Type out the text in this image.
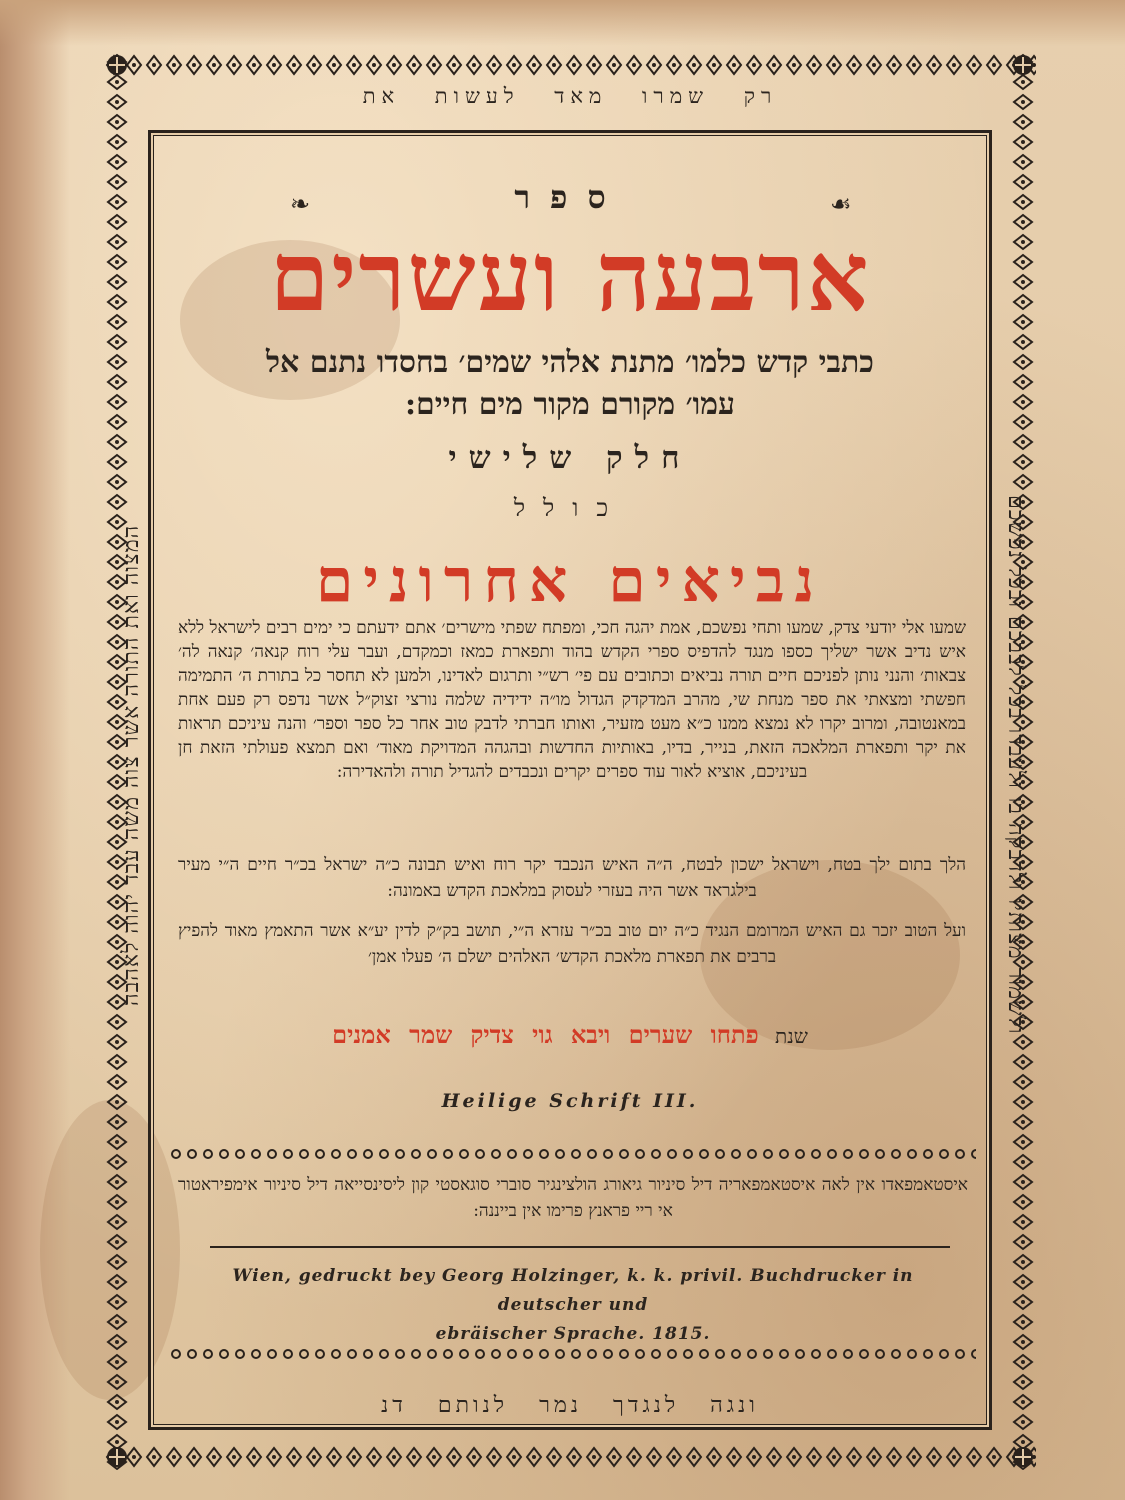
רק שמרו מאד לעשות את
המצוה ואת התורה אשר צוה משה עבד יהוה לאהבה	ולשמור מצותיו ולדבקה בו ולעבדו בכל לבבכם ובכל נפשכם
❧	☙
ספר
ארבעה ועשרים
כתבי קדש כלמו׳ מתנת אלהי שמים׳ בחסדו נתנם אל
עמו׳ מקורם מקור מים חיים:
חלק שלישי
כולל
נביאים אחרונים
שמעו אלי יודעי צדק, שמעו ותחי נפשכם, אמת יהגה חכי, ומפתח שפתי מישרים׳ אתם ידעתם כי ימים רבים לישראל ללא איש נדיב אשר ישליך כספו מנגד להדפיס ספרי הקדש בהוד ותפארת כמאז וכמקדם, ועבר עלי רוח קנאה׳ קנאה לה׳ צבאות׳ והנני נותן לפניכם חיים תורה נביאים וכתובים עם פי׳ רש״י ותרגום לאדינו, ולמען לא תחסר כל בתורת ה׳ התמימה חפשתי ומצאתי את ספר מנחת שי, מהרב המדקדק הגדול מו״ה ידידיה שלמה נורצי זצוק״ל אשר נדפס רק פעם אחת במאנטובה, ומרוב יקרו לא נמצא ממנו כ״א מעט מזעיר, ואותו חברתי לדבק טוב אחר כל ספר וספר׳ והנה עיניכם תראות את יקר ותפארת המלאכה הזאת, בנייר, בדיו, באותיות החדשות ובהגהה המדויקת מאוד׳ ואם תמצא פעולתי הזאת חן בעיניכם, אוציא לאור עוד ספרים יקרים ונכבדים להגדיל תורה ולהאדירה:
הלך בתום ילך בטח, וישראל ישכון לבטח, ה״ה האיש הנכבד יקר רוח ואיש תבונה כ״ה ישראל בכ״ר חיים ה״י מעיר בילגראד אשר היה בעזרי לעסוק במלאכת הקדש באמונה:
ועל הטוב יזכר גם האיש המרומם הנגיד כ״ה יום טוב בכ״ר עזרא ה״י, תושב בק״ק לדין יע״א אשר התאמץ מאוד להפיץ ברבים את תפארת מלאכת הקדש׳ האלהים ישלם ה׳ פעלו אמן׳
שנת פתחו שערים ויבא גוי צדיק שמר אמנים
Heilige Schrift III.
איסטאמפאדו אין לאה איסטאמפאריה דיל סיניור גיאורג הולצינגיר סוברי סוגאסטי קון ליסינסייאה דיל סיניור אימפיראטור אי ריי פראנץ פרימו אין בייננה:
Wien, gedruckt bey Georg Holzinger, k. k. privil. Buchdrucker in deutscher und
ebräischer Sprache. 1815.
ונגה לנגדך נמר לנותם דנ
